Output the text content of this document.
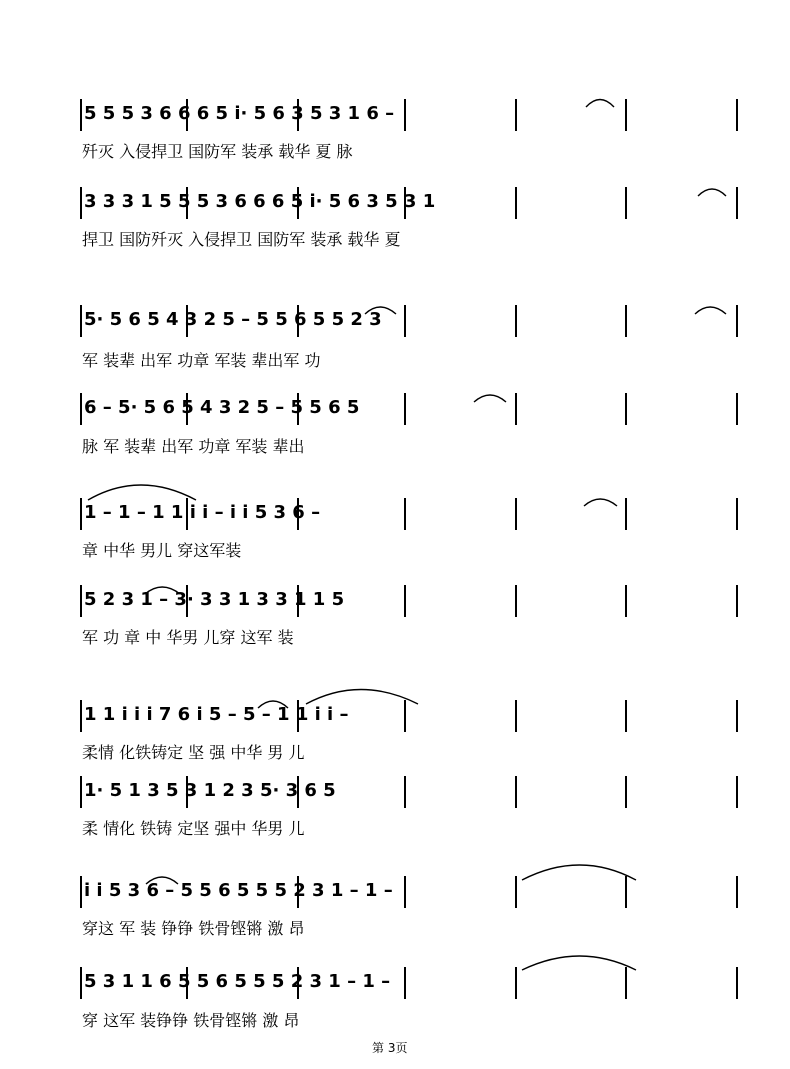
5 5 5 3 6 6 6 5 i· 5 6 3 5 3 1 6 –
歼灭 入侵捍卫 国防军 装承 载华 夏 脉
3 3 3 1 5 5 5 3 6 6 6 5 i· 5 6 3 5 3 1
捍卫 国防歼灭 入侵捍卫 国防军 装承 载华 夏
5· 5 6 5 4 3 2 5 – 5 5 6 5 5 2 3
军 装辈 出军 功章 军装 辈出军 功
6 – 5· 5 6 5 4 3 2 5 – 5 5 6 5
脉 军 装辈 出军 功章 军装 辈出
1 – 1 – 1 1 i i – i i 5 3 6 –
章 中华 男儿 穿这军装
5 2 3 1 – 3· 3 3 1 3 3 1 1 5
军 功 章 中 华男 儿穿 这军 装
1 1 i i i 7 6 i 5 – 5 – 1 1 i i –
柔情 化铁铸定 坚 强 中华 男 儿
1· 5 1 3 5 3 1 2 3 5· 3 6 5
柔 情化 铁铸 定坚 强中 华男 儿
i i 5 3 6 – 5 5 6 5 5 5 2 3 1 – 1 –
穿这 军 装 铮铮 铁骨铿锵 激 昂
5 3 1 1 6 5 5 6 5 5 5 2 3 1 – 1 –
穿 这军 装铮铮 铁骨铿锵 激 昂
第 3页
